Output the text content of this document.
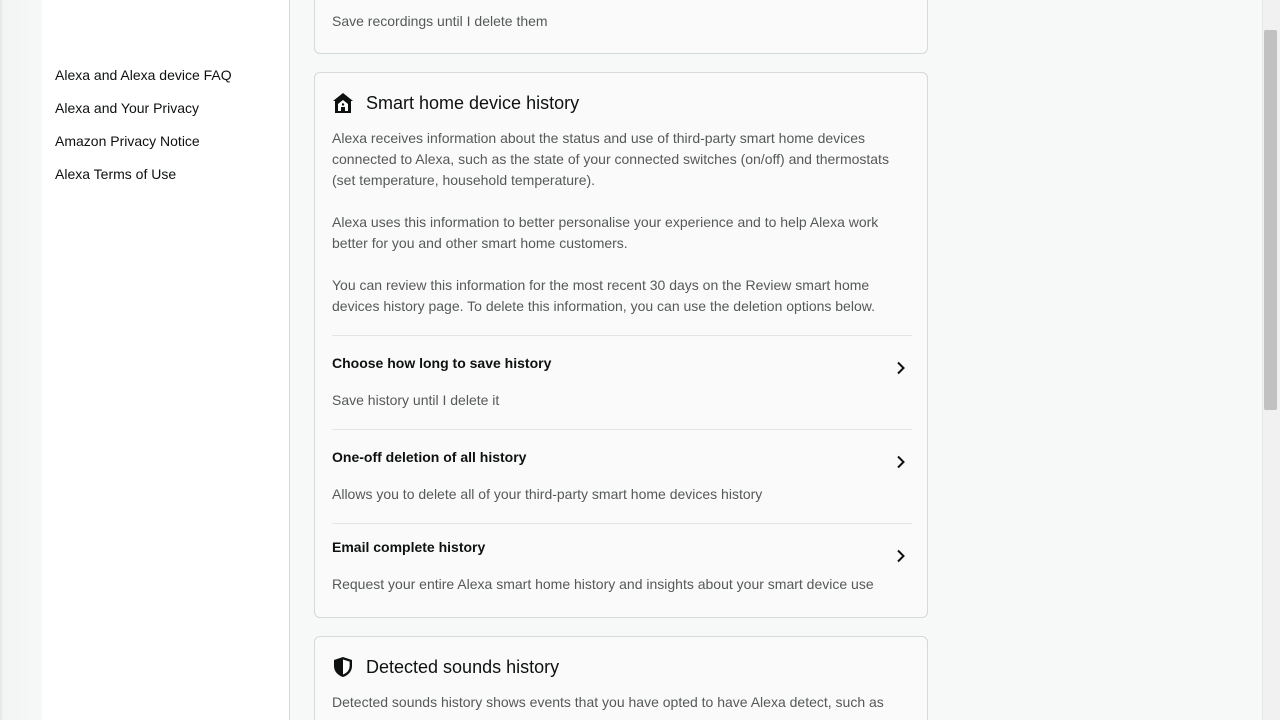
Alexa and Alexa device FAQ
Alexa and Your Privacy
Amazon Privacy Notice
Alexa Terms of Use
Save recordings until I delete them
Smart home device history
Alexa receives information about the status and use of third-party smart home devices connected to Alexa, such as the state of your connected switches (on/off) and thermostats (set temperature, household temperature).
Alexa uses this information to better personalise your experience and to help Alexa work better for you and other smart home customers.
You can review this information for the most recent 30 days on the Review smart home devices history page. To delete this information, you can use the deletion options below.
Choose how long to save history
Save history until I delete it
One-off deletion of all history
Allows you to delete all of your third-party smart home devices history
Email complete history
Request your entire Alexa smart home history and insights about your smart device use
Detected sounds history
Detected sounds history shows events that you have opted to have Alexa detect, such as
